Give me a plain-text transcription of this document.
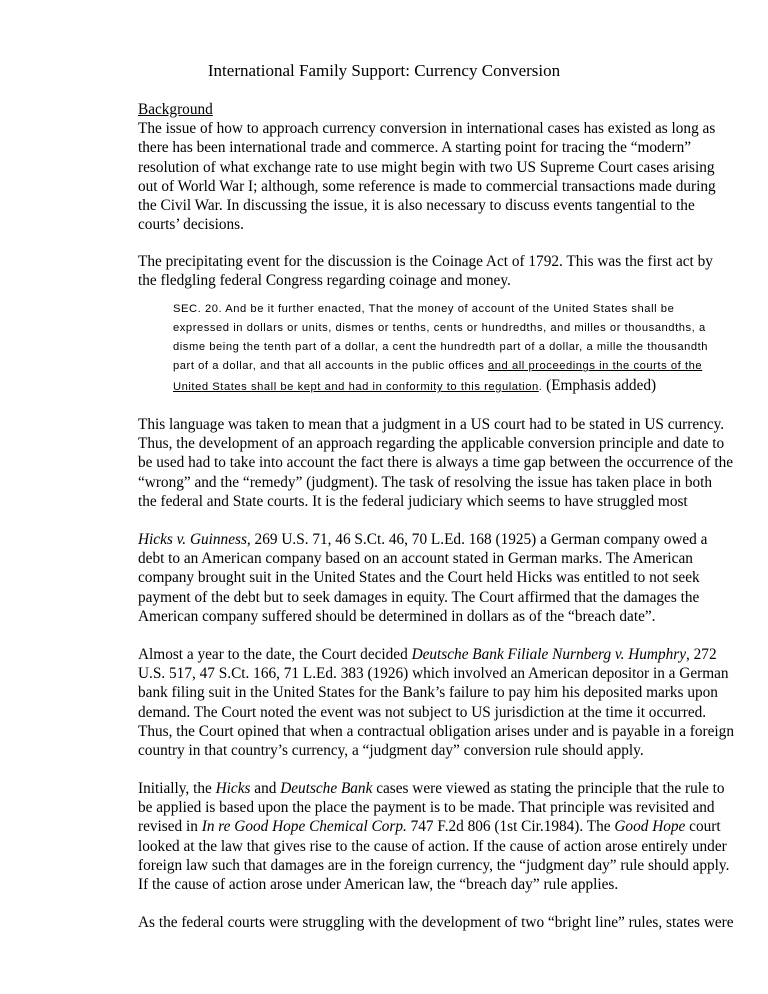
International Family Support: Currency Conversion
Background
The issue of how to approach currency conversion in international cases has existed as long as
there has been international trade and commerce. A starting point for tracing the “modern”
resolution of what exchange rate to use might begin with two US Supreme Court cases arising
out of World War I; although, some reference is made to commercial transactions made during
the Civil War. In discussing the issue, it is also necessary to discuss events tangential to the
courts’ decisions.
The precipitating event for the discussion is the Coinage Act of 1792. This was the first act by
the fledgling federal Congress regarding coinage and money.
SEC. 20. And be it further enacted, That the money of account of the United States shall be
expressed in dollars or units, dismes or tenths, cents or hundredths, and milles or thousandths, a
disme being the tenth part of a dollar, a cent the hundredth part of a dollar, a mille the thousandth
part of a dollar, and that all accounts in the public offices and all proceedings in the courts of the
United States shall be kept and had in conformity to this regulation. (Emphasis added)
This language was taken to mean that a judgment in a US court had to be stated in US currency.
Thus, the development of an approach regarding the applicable conversion principle and date to
be used had to take into account the fact there is always a time gap between the occurrence of the
“wrong” and the “remedy” (judgment). The task of resolving the issue has taken place in both
the federal and State courts. It is the federal judiciary which seems to have struggled most
Hicks v. Guinness, 269 U.S. 71, 46 S.Ct. 46, 70 L.Ed. 168 (1925) a German company owed a
debt to an American company based on an account stated in German marks. The American
company brought suit in the United States and the Court held Hicks was entitled to not seek
payment of the debt but to seek damages in equity. The Court affirmed that the damages the
American company suffered should be determined in dollars as of the “breach date”.
Almost a year to the date, the Court decided Deutsche Bank Filiale Nurnberg v. Humphry, 272
U.S. 517, 47 S.Ct. 166, 71 L.Ed. 383 (1926) which involved an American depositor in a German
bank filing suit in the United States for the Bank’s failure to pay him his deposited marks upon
demand. The Court noted the event was not subject to US jurisdiction at the time it occurred.
Thus, the Court opined that when a contractual obligation arises under and is payable in a foreign
country in that country’s currency, a “judgment day” conversion rule should apply.
Initially, the Hicks and Deutsche Bank cases were viewed as stating the principle that the rule to
be applied is based upon the place the payment is to be made. That principle was revisited and
revised in In re Good Hope Chemical Corp. 747 F.2d 806 (1st Cir.1984). The Good Hope court
looked at the law that gives rise to the cause of action. If the cause of action arose entirely under
foreign law such that damages are in the foreign currency, the “judgment day” rule should apply.
If the cause of action arose under American law, the “breach day” rule applies.
As the federal courts were struggling with the development of two “bright line” rules, states were
